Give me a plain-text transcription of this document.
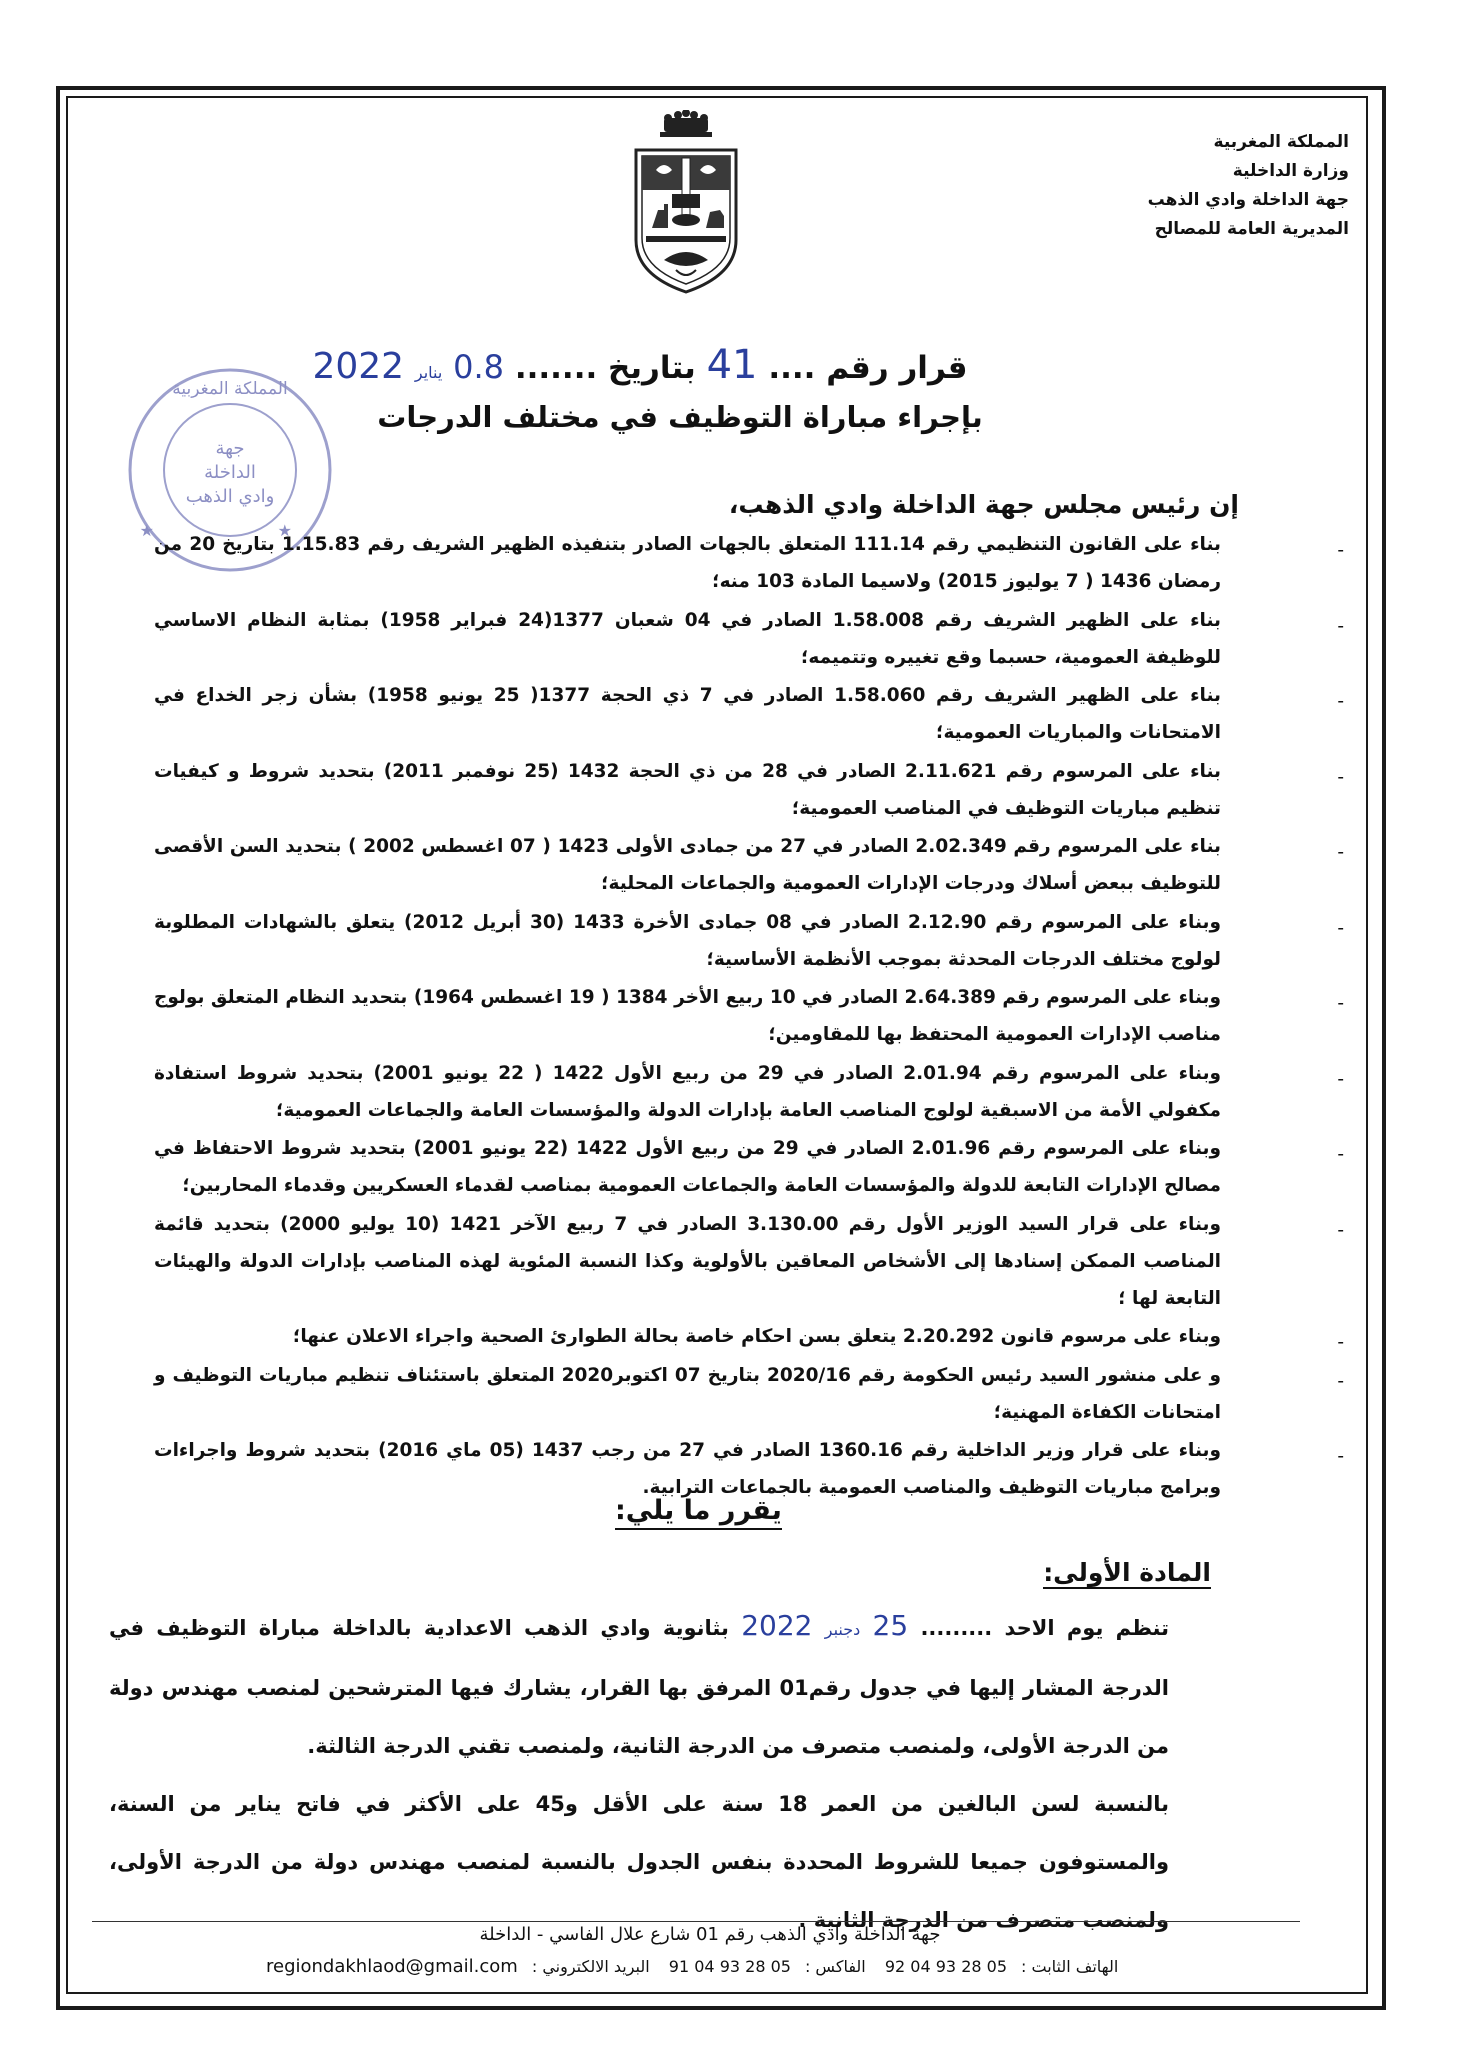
المملكة المغربية
وزارة الداخلية
جهة الداخلة وادي الذهب
المديرية العامة للمصالح
جهة
الداخلة
وادي الذهب
المملكة المغربية
★	★
قرار رقم .... 41 بتاريخ ....... 0.8 يناير 2022
بإجراء مباراة التوظيف في مختلف الدرجات
إن رئيس مجلس جهة الداخلة وادي الذهب،
-
بناء على القانون التنظيمي رقم 111.14 المتعلق بالجهات الصادر بتنفيذه الظهير الشريف رقم 1.15.83 بتاريخ 20 من رمضان 1436 ( 7 يوليوز 2015) ولاسيما المادة 103 منه؛
-
بناء على الظهير الشريف رقم 1.58.008 الصادر في 04 شعبان 1377(24 فبراير 1958) بمثابة النظام الاساسي للوظيفة العمومية، حسبما وقع تغييره وتتميمه؛
-
بناء على الظهير الشريف رقم 1.58.060 الصادر في 7 ذي الحجة 1377( 25 يونيو 1958) بشأن زجر الخداع في الامتحانات والمباريات العمومية؛
-
بناء على المرسوم رقم 2.11.621 الصادر في 28 من ذي الحجة 1432 (25 نوفمبر 2011) بتحديد شروط و كيفيات تنظيم مباريات التوظيف في المناصب العمومية؛
-
بناء على المرسوم رقم 2.02.349 الصادر في 27 من جمادى الأولى 1423 ( 07 اغسطس 2002 ) بتحديد السن الأقصى للتوظيف ببعض أسلاك ودرجات الإدارات العمومية والجماعات المحلية؛
-
وبناء على المرسوم رقم 2.12.90 الصادر في 08 جمادى الأخرة 1433 (30 أبريل 2012) يتعلق بالشهادات المطلوبة لولوج مختلف الدرجات المحدثة بموجب الأنظمة الأساسية؛
-
وبناء على المرسوم رقم 2.64.389 الصادر في 10 ربيع الأخر 1384 ( 19 اغسطس 1964) بتحديد النظام المتعلق بولوج مناصب الإدارات العمومية المحتفظ بها للمقاومين؛
-
وبناء على المرسوم رقم 2.01.94 الصادر في 29 من ربيع الأول 1422 ( 22 يونيو 2001) بتحديد شروط استفادة مكفولي الأمة من الاسبقية لولوج المناصب العامة بإدارات الدولة والمؤسسات العامة والجماعات العمومية؛
-
وبناء على المرسوم رقم 2.01.96 الصادر في 29 من ربيع الأول 1422 (22 يونيو 2001) بتحديد شروط الاحتفاظ في مصالح الإدارات التابعة للدولة والمؤسسات العامة والجماعات العمومية بمناصب لقدماء العسكريين وقدماء المحاربين؛
-
وبناء على قرار السيد الوزير الأول رقم 3.130.00 الصادر في 7 ربيع الآخر 1421 (10 يوليو 2000) بتحديد قائمة المناصب الممكن إسنادها إلى الأشخاص المعاقين بالأولوية وكذا النسبة المئوية لهذه المناصب بإدارات الدولة والهيئات التابعة لها ؛
-
وبناء على مرسوم قانون 2.20.292 يتعلق بسن احكام خاصة بحالة الطوارئ الصحية واجراء الاعلان عنها؛
-
و على منشور السيد رئيس الحكومة رقم 2020/16 بتاريخ 07 اكتوبر2020 المتعلق باستئناف تنظيم مباريات التوظيف و امتحانات الكفاءة المهنية؛
-
وبناء على قرار وزير الداخلية رقم 1360.16 الصادر في 27 من رجب 1437 (05 ماي 2016) بتحديد شروط واجراءات وبرامج مباريات التوظيف والمناصب العمومية بالجماعات الترابية.
يقرر ما يلي:
المادة الأولى:

تنظم يوم الاحد ......... 25 دجنبر 2022 بثانوية وادي الذهب الاعدادية بالداخلة مباراة التوظيف في الدرجة المشار إليها في جدول رقم01 المرفق بها القرار، يشارك فيها المترشحين لمنصب مهندس دولة من الدرجة الأولى، ولمنصب متصرف من الدرجة الثانية، ولمنصب تقني الدرجة الثالثة.

بالنسبة لسن البالغين من العمر 18 سنة على الأقل و45 على الأكثر في فاتح يناير من السنة، والمستوفون جميعا للشروط المحددة بنفس الجدول بالنسبة لمنصب مهندس دولة من الدرجة الأولى، ولمنصب متصرف من الدرجة الثانية .

جهة الداخلة وادي الذهب رقم 01 شارع علال الفاسي - الداخلة
الهاتف الثابت :05 28 93 04 92 الفاكس :05 28 93 04 91 البريد الالكتروني :regiondakhlaod@gmail.com
